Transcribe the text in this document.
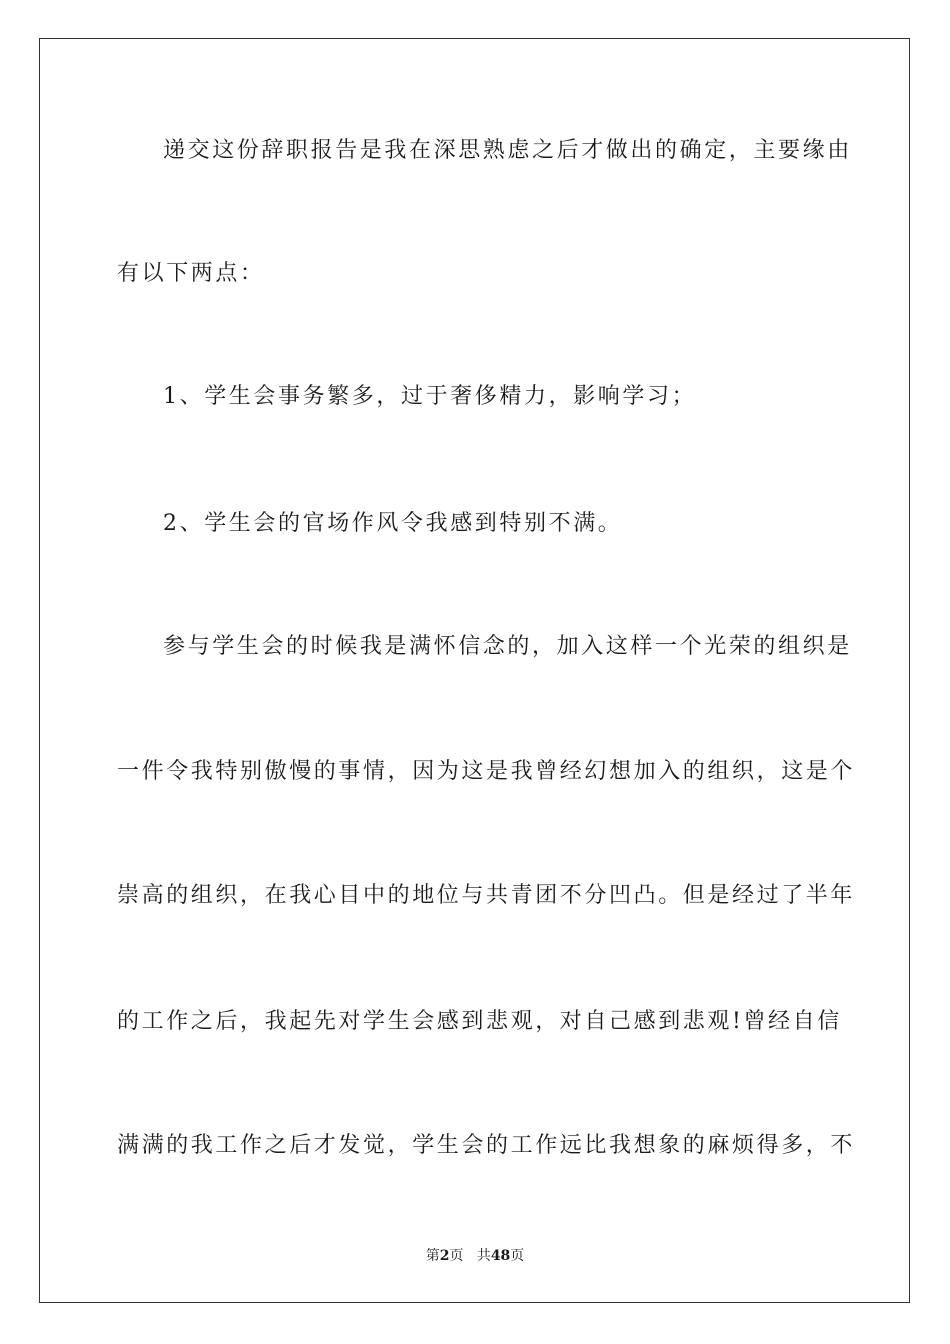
递交这份辞职报告是我在深思熟虑之后才做出的确定，主要缘由
有以下两点：
1、学生会事务繁多，过于奢侈精力，影响学习；
2、学生会的官场作风令我感到特别不满。
参与学生会的时候我是满怀信念的，加入这样一个光荣的组织是
一件令我特别傲慢的事情，因为这是我曾经幻想加入的组织，这是个
崇高的组织，在我心目中的地位与共青团不分凹凸。但是经过了半年
的工作之后，我起先对学生会感到悲观，对自己感到悲观!曾经自信
满满的我工作之后才发觉，学生会的工作远比我想象的麻烦得多，不
第2页 共48页
